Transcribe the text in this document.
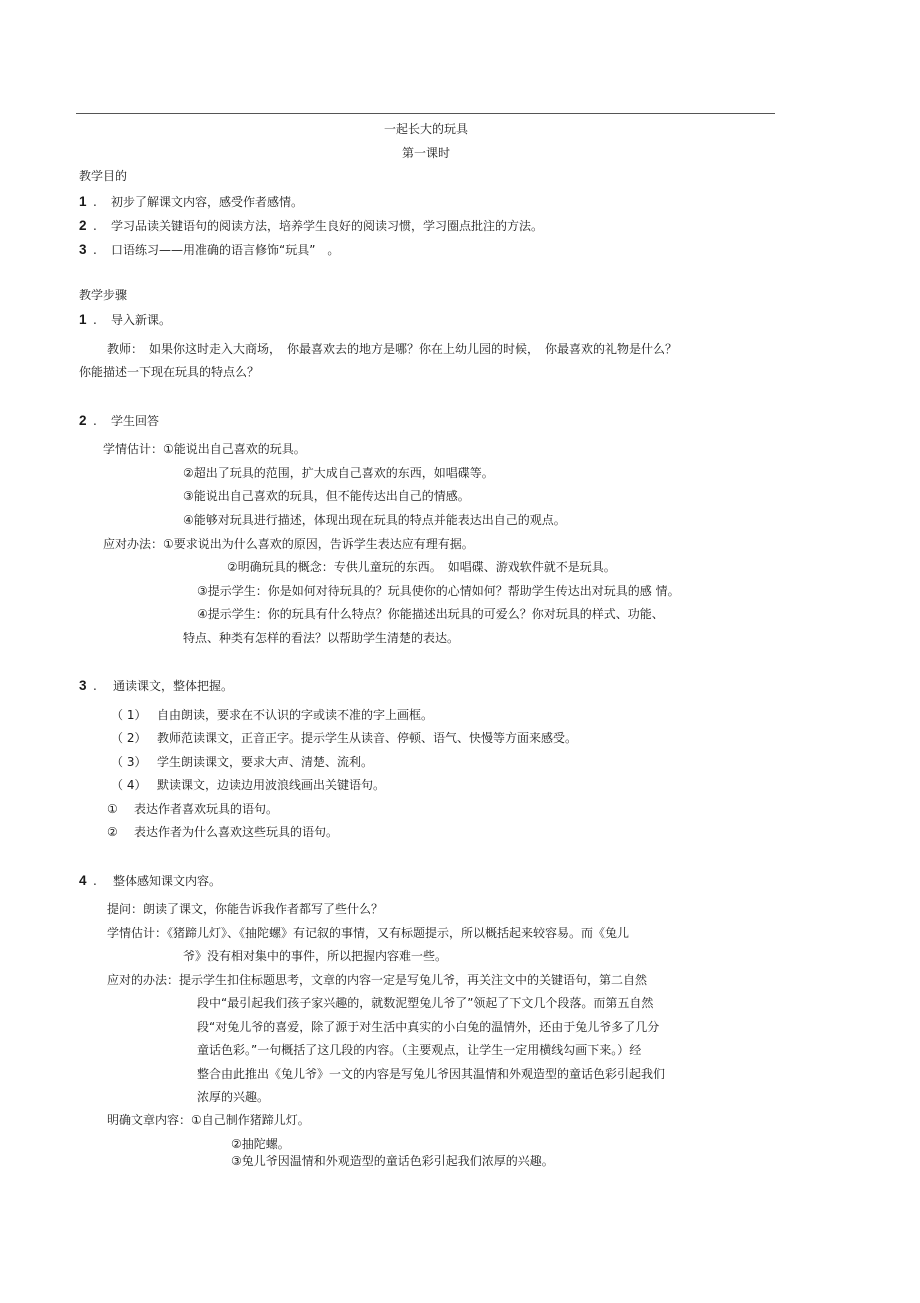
一起长大的玩具
第一课时
教学目的
1 . 初步了解课文内容，感受作者感情。
2 . 学习品读关键语句的阅读方法，培养学生良好的阅读习惯，学习圈点批注的方法。
3 . 口语练习——用准确的语言修饰“玩具”　。
教学步骤
1 . 导入新课。
教师：　如果你这时走入大商场，　你最喜欢去的地方是哪？你在上幼儿园的时候，　你最喜欢的礼物是什么？
你能描述一下现在玩具的特点么？
2 . 学生回答
学情估计：①能说出自己喜欢的玩具。
②超出了玩具的范围，扩大成自己喜欢的东西，如唱碟等。
③能说出自己喜欢的玩具，但不能传达出自己的情感。
④能够对玩具进行描述，体现出现在玩具的特点并能表达出自己的观点。
应对办法：①要求说出为什么喜欢的原因，告诉学生表达应有理有据。
②明确玩具的概念：专供儿童玩的东西。　如唱碟、游戏软件就不是玩具。
③提示学生：你是如何对待玩具的？玩具使你的心情如何？帮助学生传达出对玩具的感 情。
④提示学生：你的玩具有什么特点？你能描述出玩具的可爱么？你对玩具的样式、功能、
特点、种类有怎样的看法？以帮助学生清楚的表达。
3 . 通读课文，整体把握。
（ 1） 自由朗读，要求在不认识的字或读不准的字上画框。
（ 2） 教师范读课文，正音正字。提示学生从读音、停顿、语气、快慢等方面来感受。
（ 3） 学生朗读课文，要求大声、清楚、流利。
（ 4） 默读课文，边读边用波浪线画出关键语句。
① 表达作者喜欢玩具的语句。
② 表达作者为什么喜欢这些玩具的语句。
4 . 整体感知课文内容。
提问：朗读了课文，你能告诉我作者都写了些什么？
学情估计：《猪蹄儿灯》、《抽陀螺》有记叙的事情，又有标题提示，所以概括起来较容易。而《兔儿
爷》没有相对集中的事件，所以把握内容难一些。
应对的办法：提示学生扣住标题思考，文章的内容一定是写兔儿爷，再关注文中的关键语句，第二自然
段中“最引起我们孩子家兴趣的，就数泥塑兔儿爷了”领起了下文几个段落。而第五自然
段“对兔儿爷的喜爱，除了源于对生活中真实的小白兔的温情外，还由于兔儿爷多了几分
童话色彩。”一句概括了这几段的内容。（主要观点，让学生一定用横线勾画下来。）经
整合由此推出《兔儿爷》一文的内容是写兔儿爷因其温情和外观造型的童话色彩引起我们
浓厚的兴趣。
明确文章内容：①自己制作猪蹄儿灯。
②抽陀螺。
③兔儿爷因温情和外观造型的童话色彩引起我们浓厚的兴趣。
